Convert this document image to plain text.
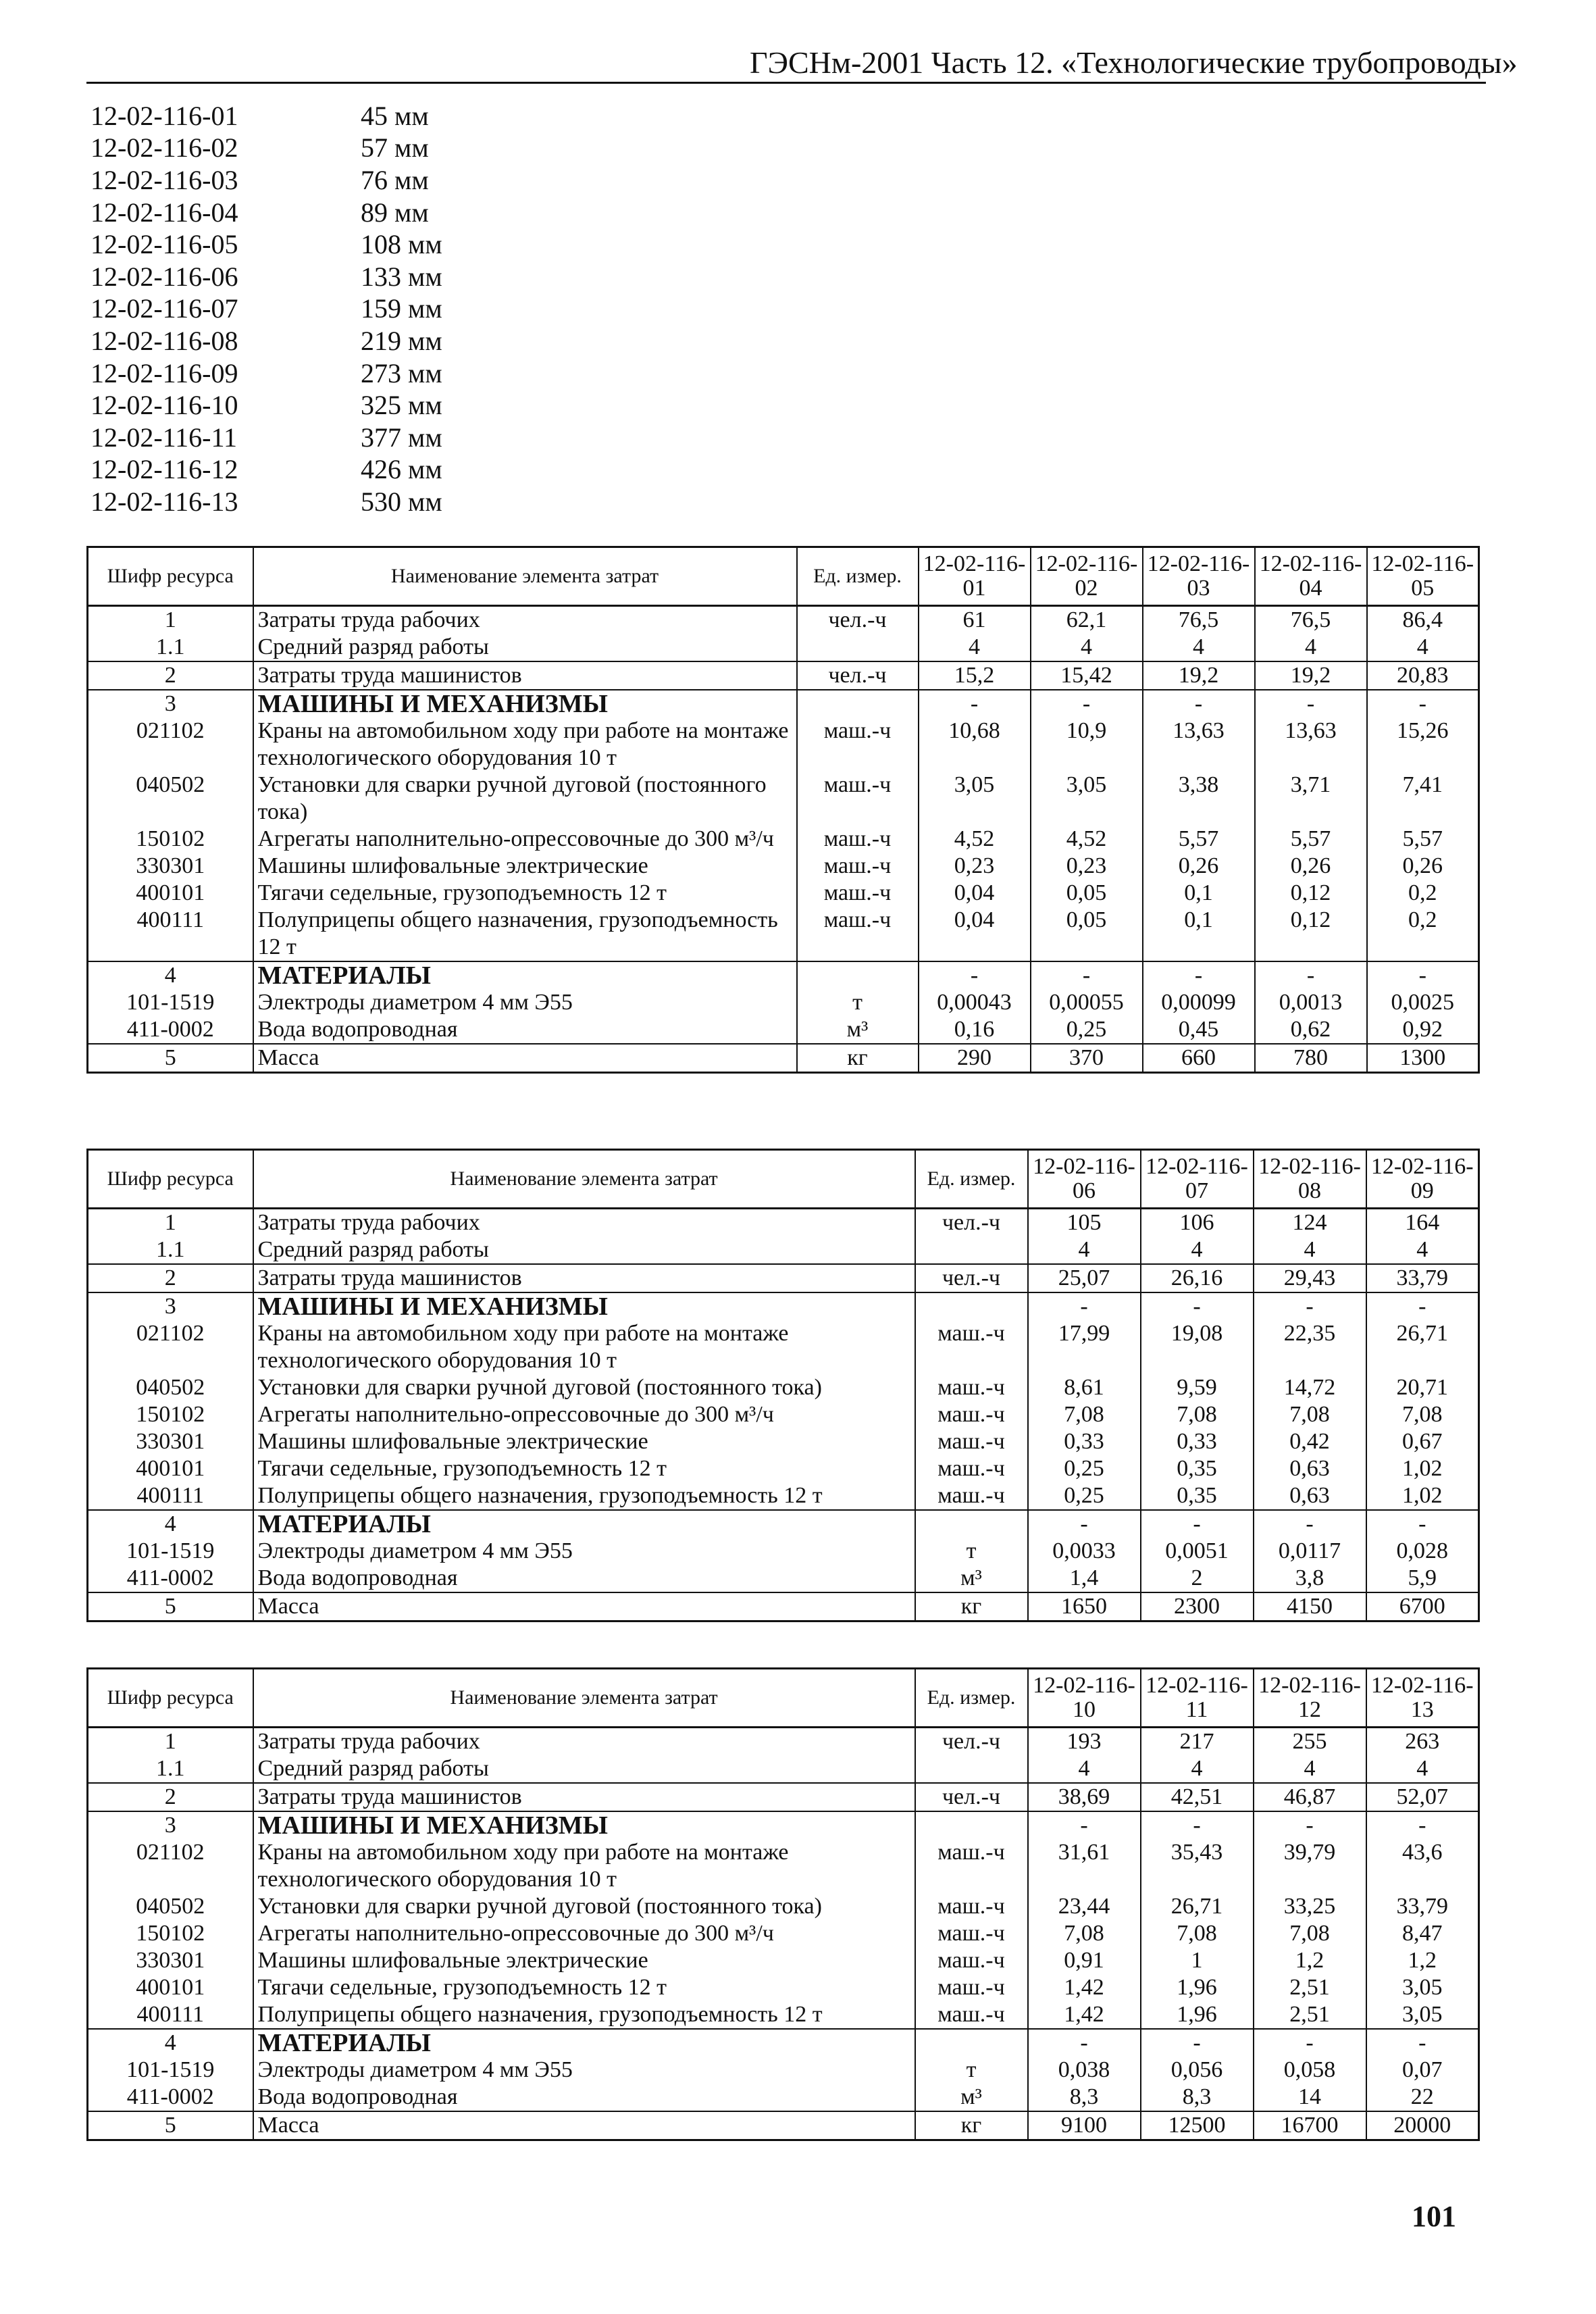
ГЭСНм-2001 Часть 12. «Технологические трубопроводы»
12-02-116-01	45 мм
12-02-116-02	57 мм
12-02-116-03	76 мм
12-02-116-04	89 мм
12-02-116-05	108 мм
12-02-116-06	133 мм
12-02-116-07	159 мм
12-02-116-08	219 мм
12-02-116-09	273 мм
12-02-116-10	325 мм
12-02-116-11	377 мм
12-02-116-12	426 мм
12-02-116-13	530 мм
Шифр ресурса	Наименование элемента затрат	Ед. измер.	12-02-116-01	12-02-116-02	12-02-116-03	12-02-116-04	12-02-116-05
1	Затраты труда рабочих	чел.-ч	61	62,1	76,5	76,5	86,4
1.1	Средний разряд работы		4	4	4	4	4
2	Затраты труда машинистов	чел.-ч	15,2	15,42	19,2	19,2	20,83
3	МАШИНЫ И МЕХАНИЗМЫ		-	-	-	-	-
021102	Краны на автомобильном ходу при работе на монтаже технологического оборудования 10 т	маш.-ч	10,68	10,9	13,63	13,63	15,26
040502	Установки для сварки ручной дуговой (постоянного тока)	маш.-ч	3,05	3,05	3,38	3,71	7,41
150102	Агрегаты наполнительно-опрессовочные до 300 м³/ч	маш.-ч	4,52	4,52	5,57	5,57	5,57
330301	Машины шлифовальные электрические	маш.-ч	0,23	0,23	0,26	0,26	0,26
400101	Тягачи седельные, грузоподъемность 12 т	маш.-ч	0,04	0,05	0,1	0,12	0,2
400111	Полуприцепы общего назначения, грузоподъемность 12 т	маш.-ч	0,04	0,05	0,1	0,12	0,2
4	МАТЕРИАЛЫ		-	-	-	-	-
101-1519	Электроды диаметром 4 мм Э55	т	0,00043	0,00055	0,00099	0,0013	0,0025
411-0002	Вода водопроводная	м³	0,16	0,25	0,45	0,62	0,92
5	Масса	кг	290	370	660	780	1300
Шифр ресурса	Наименование элемента затрат	Ед. измер.	12-02-116-06	12-02-116-07	12-02-116-08	12-02-116-09
1	Затраты труда рабочих	чел.-ч	105	106	124	164
1.1	Средний разряд работы		4	4	4	4
2	Затраты труда машинистов	чел.-ч	25,07	26,16	29,43	33,79
3	МАШИНЫ И МЕХАНИЗМЫ		-	-	-	-
021102	Краны на автомобильном ходу при работе на монтаже технологического оборудования 10 т	маш.-ч	17,99	19,08	22,35	26,71
040502	Установки для сварки ручной дуговой (постоянного тока)	маш.-ч	8,61	9,59	14,72	20,71
150102	Агрегаты наполнительно-опрессовочные до 300 м³/ч	маш.-ч	7,08	7,08	7,08	7,08
330301	Машины шлифовальные электрические	маш.-ч	0,33	0,33	0,42	0,67
400101	Тягачи седельные, грузоподъемность 12 т	маш.-ч	0,25	0,35	0,63	1,02
400111	Полуприцепы общего назначения, грузоподъемность 12 т	маш.-ч	0,25	0,35	0,63	1,02
4	МАТЕРИАЛЫ		-	-	-	-
101-1519	Электроды диаметром 4 мм Э55	т	0,0033	0,0051	0,0117	0,028
411-0002	Вода водопроводная	м³	1,4	2	3,8	5,9
5	Масса	кг	1650	2300	4150	6700
Шифр ресурса	Наименование элемента затрат	Ед. измер.	12-02-116-10	12-02-116-11	12-02-116-12	12-02-116-13
1	Затраты труда рабочих	чел.-ч	193	217	255	263
1.1	Средний разряд работы		4	4	4	4
2	Затраты труда машинистов	чел.-ч	38,69	42,51	46,87	52,07
3	МАШИНЫ И МЕХАНИЗМЫ		-	-	-	-
021102	Краны на автомобильном ходу при работе на монтаже технологического оборудования 10 т	маш.-ч	31,61	35,43	39,79	43,6
040502	Установки для сварки ручной дуговой (постоянного тока)	маш.-ч	23,44	26,71	33,25	33,79
150102	Агрегаты наполнительно-опрессовочные до 300 м³/ч	маш.-ч	7,08	7,08	7,08	8,47
330301	Машины шлифовальные электрические	маш.-ч	0,91	1	1,2	1,2
400101	Тягачи седельные, грузоподъемность 12 т	маш.-ч	1,42	1,96	2,51	3,05
400111	Полуприцепы общего назначения, грузоподъемность 12 т	маш.-ч	1,42	1,96	2,51	3,05
4	МАТЕРИАЛЫ		-	-	-	-
101-1519	Электроды диаметром 4 мм Э55	т	0,038	0,056	0,058	0,07
411-0002	Вода водопроводная	м³	8,3	8,3	14	22
5	Масса	кг	9100	12500	16700	20000
101
